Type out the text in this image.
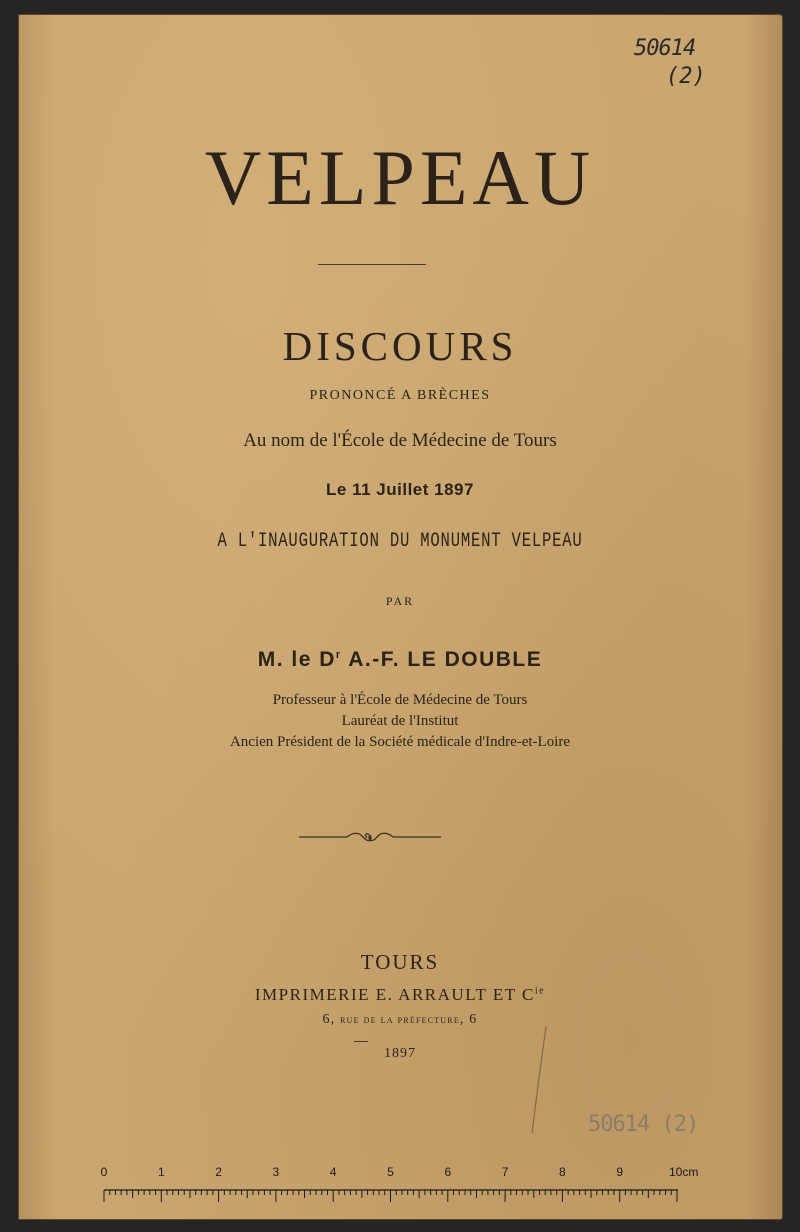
50614
(2)
VELPEAU
DISCOURS
PRONONCÉ A BRÈCHES
Au nom de l'École de Médecine de Tours
Le 11 Juillet 1897
A L'INAUGURATION DU MONUMENT VELPEAU
PAR
M. le $D^r$ A.-F. LE DOUBLE
Professeur à l'École de Médecine de Tours
Lauréat de l'Institut
Ancien Président de la Société médicale d'Indre-et-Loire
TOURS
IMPRIMERIE E. ARRAULT ET $C^{ie}$
6, rue de la préfecture, 6
1897
50614 (2)
0	1	2	3	4	5	6	7	8	9	10cm
